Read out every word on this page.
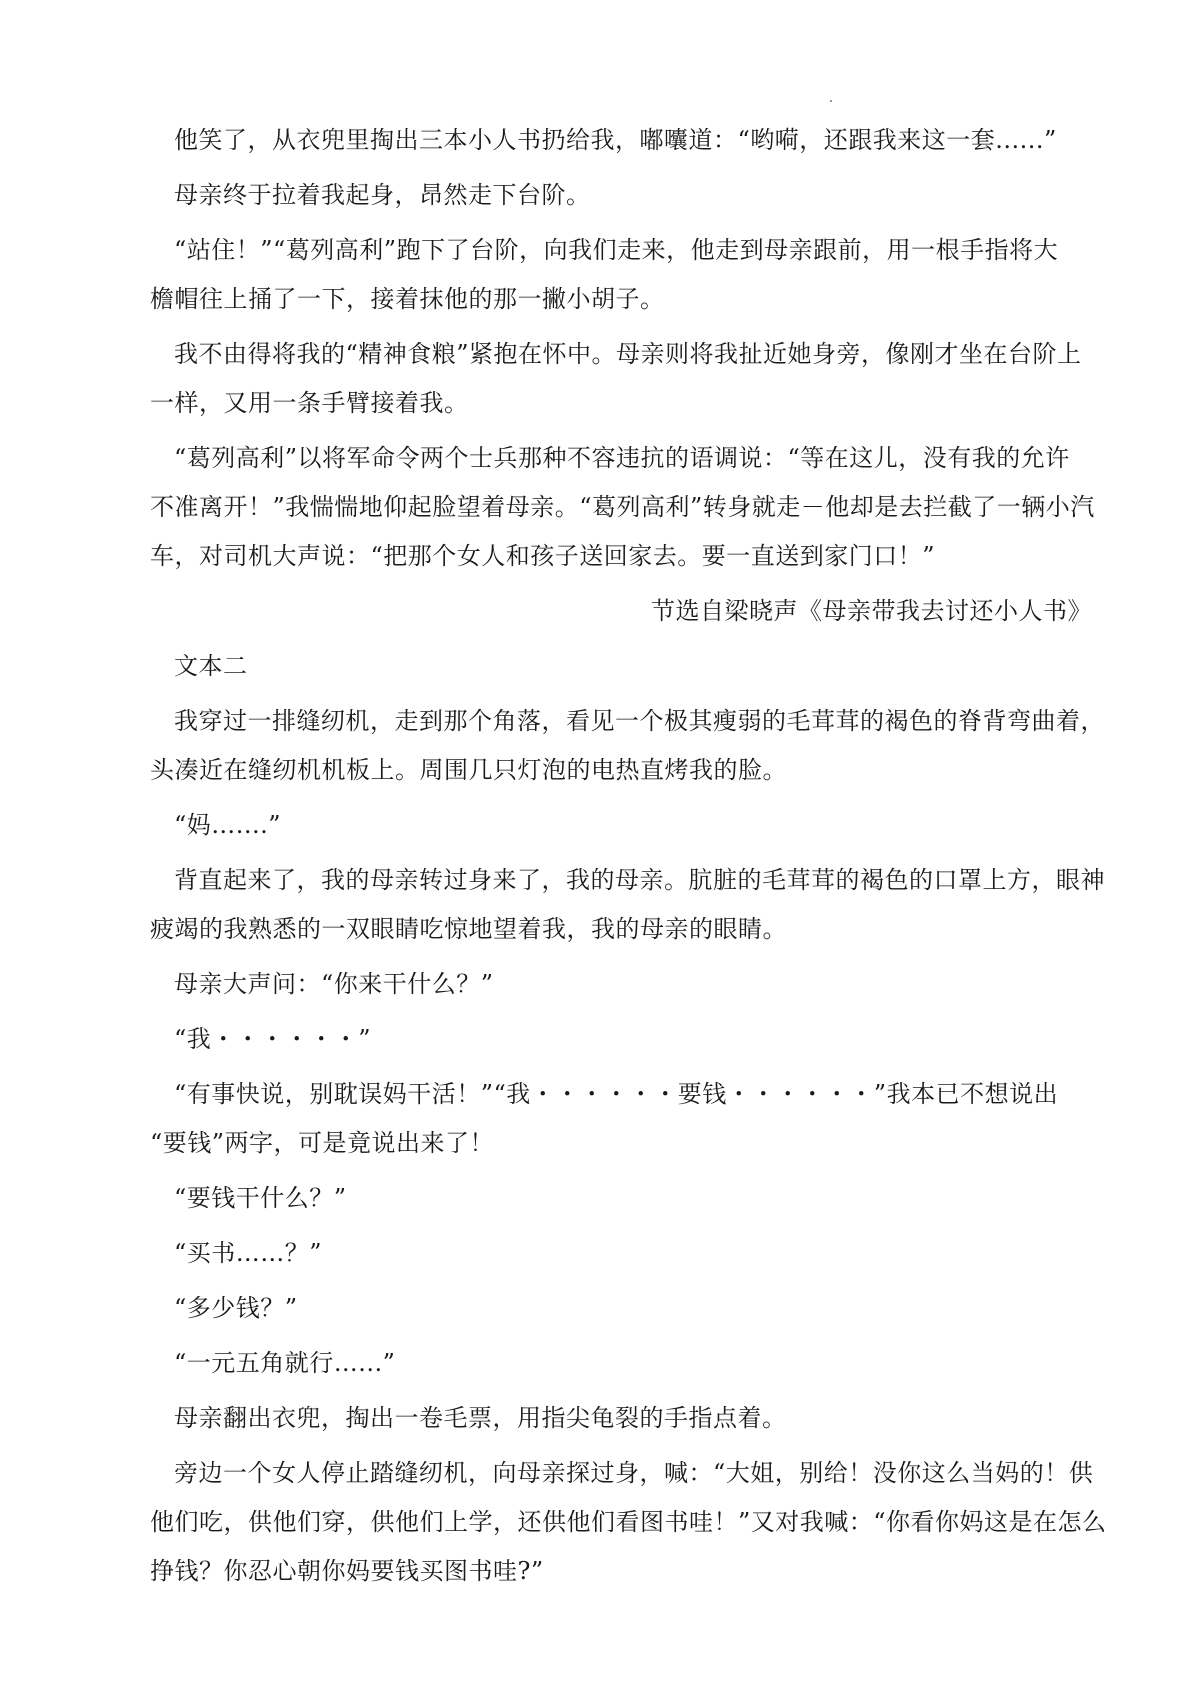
他笑了，从衣兜里掏出三本小人书扔给我，嘟囔道：“哟嗬，还跟我来这一套......”
母亲终于拉着我起身，昂然走下台阶。
“站住！”“葛列高利”跑下了台阶，向我们走来，他走到母亲跟前，用一根手指将大
檐帽往上捅了一下，接着抹他的那一撇小胡子。
我不由得将我的“精神食粮”紧抱在怀中。母亲则将我扯近她身旁，像刚才坐在台阶上
一样，又用一条手臂接着我。
“葛列高利”以将军命令两个士兵那种不容违抗的语调说：“等在这儿，没有我的允许
不准离开！”我惴惴地仰起脸望着母亲。“葛列高利”转身就走－他却是去拦截了一辆小汽
车，对司机大声说：“把那个女人和孩子送回家去。要一直送到家门口！”
节选自梁晓声《母亲带我去讨还小人书》
文本二
我穿过一排缝纫机，走到那个角落，看见一个极其瘦弱的毛茸茸的褐色的脊背弯曲着，
头凑近在缝纫机机板上。周围几只灯泡的电热直烤我的脸。
“妈…....”
背直起来了，我的母亲转过身来了，我的母亲。肮脏的毛茸茸的褐色的口罩上方，眼神
疲竭的我熟悉的一双眼睛吃惊地望着我，我的母亲的眼睛。
母亲大声问：“你来干什么？”
“我・・・・・・”
“有事快说，别耽误妈干活！”“我・・・・・・要钱・・・・・・”我本已不想说出
“要钱”两字，可是竟说出来了！
“要钱干什么？”
“买书……？”
“多少钱？”
“一元五角就行…...”
母亲翻出衣兜，掏出一卷毛票，用指尖龟裂的手指点着。
旁边一个女人停止踏缝纫机，向母亲探过身，喊：“大姐，别给！没你这么当妈的！供
他们吃，供他们穿，供他们上学，还供他们看图书哇！”又对我喊：“你看你妈这是在怎么
挣钱？你忍心朝你妈要钱买图书哇?”
